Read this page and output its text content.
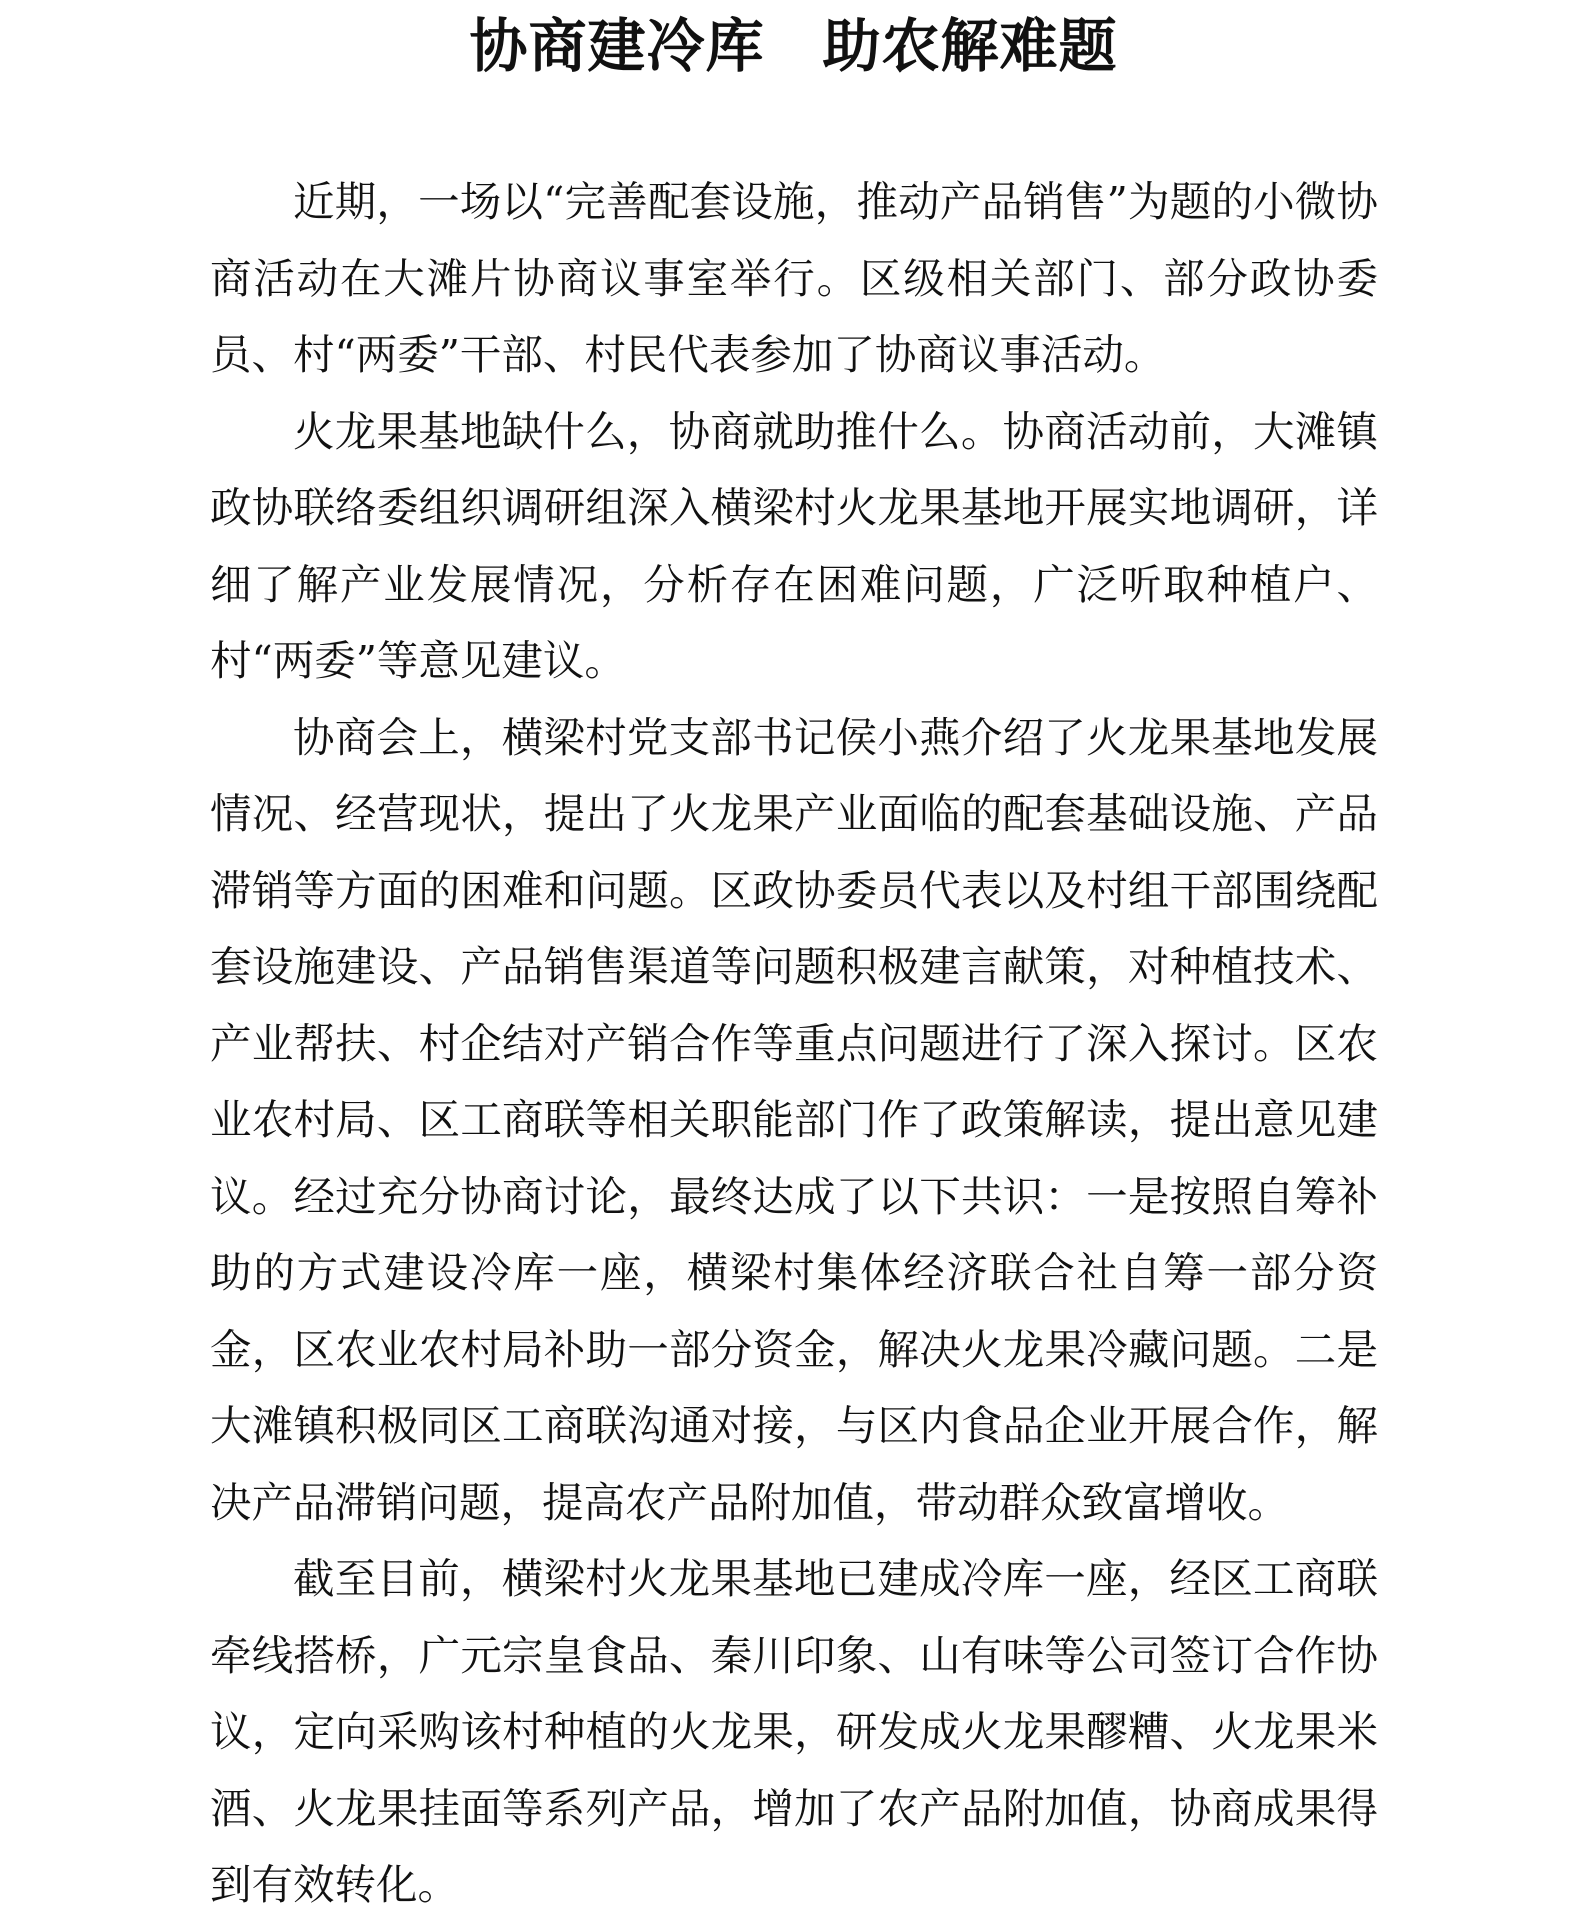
协商建冷库 助农解难题

近期，一场以“完善配套设施，推动产品销售”为题的小微协商活动在大滩片协商议事室举行。区级相关部门、部分政协委员、村“两委”干部、村民代表参加了协商议事活动。

火龙果基地缺什么，协商就助推什么。协商活动前，大滩镇政协联络委组织调研组深入横梁村火龙果基地开展实地调研，详细了解产业发展情况，分析存在困难问题，广泛听取种植户、村“两委”等意见建议。

协商会上，横梁村党支部书记侯小燕介绍了火龙果基地发展情况、经营现状，提出了火龙果产业面临的配套基础设施、产品滞销等方面的困难和问题。区政协委员代表以及村组干部围绕配套设施建设、产品销售渠道等问题积极建言献策，对种植技术、产业帮扶、村企结对产销合作等重点问题进行了深入探讨。区农业农村局、区工商联等相关职能部门作了政策解读，提出意见建议。经过充分协商讨论，最终达成了以下共识：一是按照自筹补助的方式建设冷库一座，横梁村集体经济联合社自筹一部分资金，区农业农村局补助一部分资金，解决火龙果冷藏问题。二是大滩镇积极同区工商联沟通对接，与区内食品企业开展合作，解决产品滞销问题，提高农产品附加值，带动群众致富增收。

截至目前，横梁村火龙果基地已建成冷库一座，经区工商联牵线搭桥，广元宗皇食品、秦川印象、山有味等公司签订合作协议，定向采购该村种植的火龙果，研发成火龙果醪糟、火龙果米酒、火龙果挂面等系列产品，增加了农产品附加值，协商成果得到有效转化。
